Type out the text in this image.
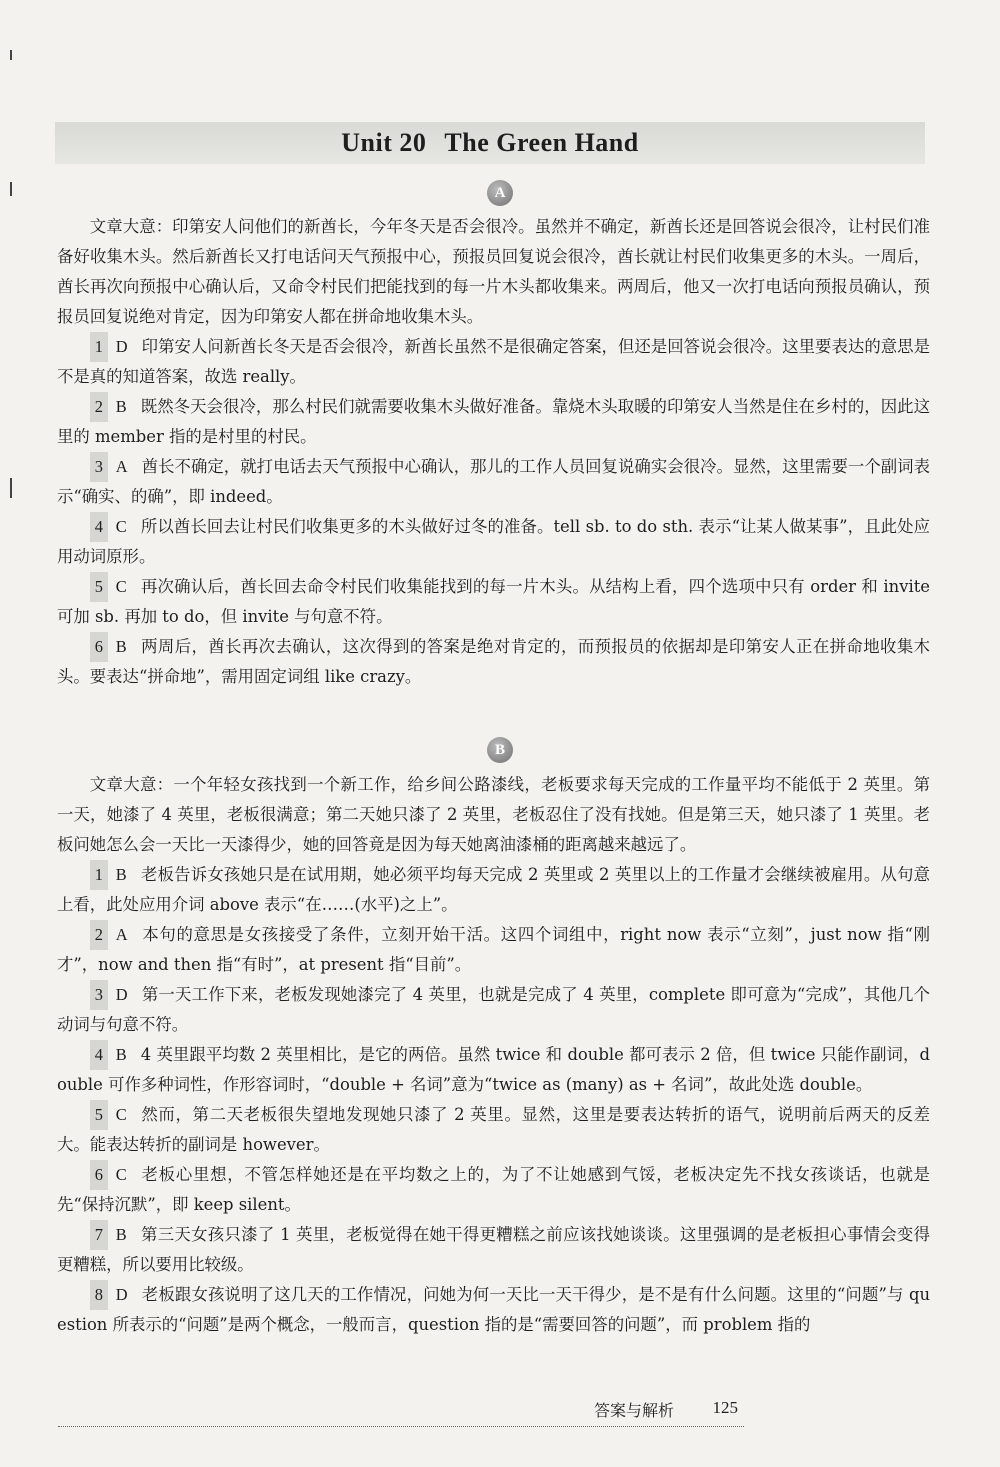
Unit 20 The Green Hand
A

文章大意：印第安人问他们的新酋长，今年冬天是否会很冷。虽然并不确定，新酋长还是回答说会很冷，让村民们准备好收集木头。然后新酋长又打电话问天气预报中心，预报员回复说会很冷，酋长就让村民们收集更多的木头。一周后，酋长再次向预报中心确认后，又命令村民们把能找到的每一片木头都收集来。两周后，他又一次打电话向预报员确认，预报员回复说绝对肯定，因为印第安人都在拼命地收集木头。

1 D 印第安人问新酋长冬天是否会很冷，新酋长虽然不是很确定答案，但还是回答说会很冷。这里要表达的意思是不是真的知道答案，故选 really。

2 B 既然冬天会很冷，那么村民们就需要收集木头做好准备。靠烧木头取暖的印第安人当然是住在乡村的，因此这里的 member 指的是村里的村民。

3 A 酋长不确定，就打电话去天气预报中心确认，那儿的工作人员回复说确实会很冷。显然，这里需要一个副词表示“确实、的确”，即 indeed。

4 C 所以酋长回去让村民们收集更多的木头做好过冬的准备。tell sb. to do sth. 表示“让某人做某事”，且此处应用动词原形。

5 C 再次确认后，酋长回去命令村民们收集能找到的每一片木头。从结构上看，四个选项中只有 order 和 invite 可加 sb. 再加 to do，但 invite 与句意不符。

6 B 两周后，酋长再次去确认，这次得到的答案是绝对肯定的，而预报员的依据却是印第安人正在拼命地收集木头。要表达“拼命地”，需用固定词组 like crazy。

B

文章大意：一个年轻女孩找到一个新工作，给乡间公路漆线，老板要求每天完成的工作量平均不能低于 2 英里。第一天，她漆了 4 英里，老板很满意；第二天她只漆了 2 英里，老板忍住了没有找她。但是第三天，她只漆了 1 英里。老板问她怎么会一天比一天漆得少，她的回答竟是因为每天她离油漆桶的距离越来越远了。

1 B 老板告诉女孩她只是在试用期，她必须平均每天完成 2 英里或 2 英里以上的工作量才会继续被雇用。从句意上看，此处应用介词 above 表示“在……(水平)之上”。

2 A 本句的意思是女孩接受了条件，立刻开始干活。这四个词组中，right now 表示“立刻”，just now 指“刚才”，now and then 指“有时”，at present 指“目前”。

3 D 第一天工作下来，老板发现她漆完了 4 英里，也就是完成了 4 英里，complete 即可意为“完成”，其他几个动词与句意不符。

4 B 4 英里跟平均数 2 英里相比，是它的两倍。虽然 twice 和 double 都可表示 2 倍，但 twice 只能作副词，double 可作多种词性，作形容词时，“double + 名词”意为“twice as (many) as + 名词”，故此处选 double。

5 C 然而，第二天老板很失望地发现她只漆了 2 英里。显然，这里是要表达转折的语气，说明前后两天的反差大。能表达转折的副词是 however。

6 C 老板心里想，不管怎样她还是在平均数之上的，为了不让她感到气馁，老板决定先不找女孩谈话，也就是先“保持沉默”，即 keep silent。

7 B 第三天女孩只漆了 1 英里，老板觉得在她干得更糟糕之前应该找她谈谈。这里强调的是老板担心事情会变得更糟糕，所以要用比较级。

8 D 老板跟女孩说明了这几天的工作情况，问她为何一天比一天干得少，是不是有什么问题。这里的“问题”与 question 所表示的“问题”是两个概念，一般而言，question 指的是“需要回答的问题”，而 problem 指的

答案与解析 125
